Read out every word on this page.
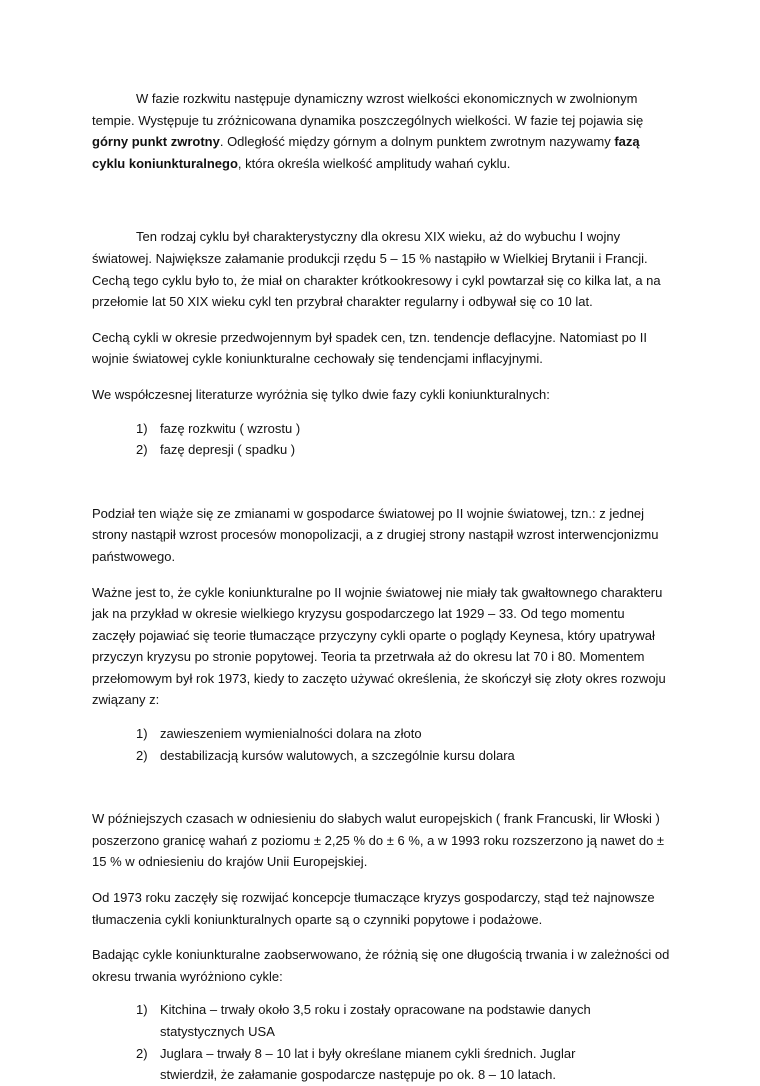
W fazie rozkwitu następuje dynamiczny wzrost wielkości ekonomicznych w zwolnionym tempie. Występuje tu zróżnicowana dynamika poszczególnych wielkości. W fazie tej pojawia się górny punkt zwrotny. Odległość między górnym a dolnym punktem zwrotnym nazywamy fazą cyklu koniunkturalnego, która określa wielkość amplitudy wahań cyklu.

Ten rodzaj cyklu był charakterystyczny dla okresu XIX wieku, aż do wybuchu I wojny światowej. Największe załamanie produkcji rzędu 5 – 15 % nastąpiło w Wielkiej Brytanii i Francji. Cechą tego cyklu było to, że miał on charakter krótkookresowy i cykl powtarzał się co kilka lat, a na przełomie lat 50 XIX wieku cykl ten przybrał charakter regularny i odbywał się co 10 lat.

Cechą cykli w okresie przedwojennym był spadek cen, tzn. tendencje deflacyjne. Natomiast po II wojnie światowej cykle koniunkturalne cechowały się tendencjami inflacyjnymi.

We współczesnej literaturze wyróżnia się tylko dwie fazy cykli koniunkturalnych:

1) fazę rozkwitu ( wzrostu )
2) fazę depresji ( spadku )

Podział ten wiąże się ze zmianami w gospodarce światowej po II wojnie światowej, tzn.: z jednej strony nastąpił wzrost procesów monopolizacji, a z drugiej strony nastąpił wzrost interwencjonizmu państwowego.

Ważne jest to, że cykle koniunkturalne po II wojnie światowej nie miały tak gwałtownego charakteru jak na przykład w okresie wielkiego kryzysu gospodarczego lat 1929 – 33. Od tego momentu zaczęły pojawiać się teorie tłumaczące przyczyny cykli oparte o poglądy Keynesa, który upatrywał przyczyn kryzysu po stronie popytowej. Teoria ta przetrwała aż do okresu lat 70 i 80. Momentem przełomowym był rok 1973, kiedy to zaczęto używać określenia, że skończył się złoty okres rozwoju związany z:

1) zawieszeniem wymienialności dolara na złoto
2) destabilizacją kursów walutowych, a szczególnie kursu dolara

W późniejszych czasach w odniesieniu do słabych walut europejskich ( frank Francuski, lir Włoski ) poszerzono granicę wahań z poziomu ± 2,25 % do ± 6 %, a w 1993 roku rozszerzono ją nawet do ± 15 % w odniesieniu do krajów Unii Europejskiej.

Od 1973 roku zaczęły się rozwijać koncepcje tłumaczące kryzys gospodarczy, stąd też najnowsze tłumaczenia cykli koniunkturalnych oparte są o czynniki popytowe i podażowe.

Badając cykle koniunkturalne zaobserwowano, że różnią się one długością trwania i w zależności od okresu trwania wyróżniono cykle:

1) Kitchina – trwały około 3,5 roku i zostały opracowane na podstawie danych statystycznych USA
2) Juglara – trwały 8 – 10 lat i były określane mianem cykli średnich. Juglar stwierdził, że załamanie gospodarcze następuje po ok. 8 – 10 latach.
